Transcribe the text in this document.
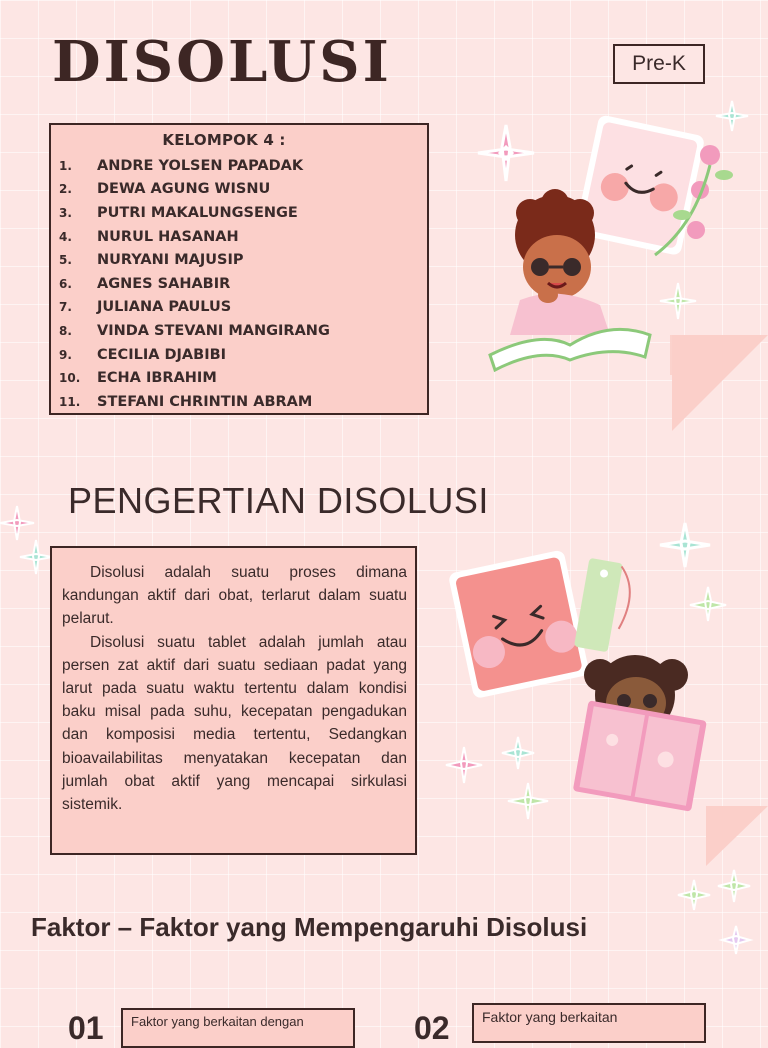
DISOLUSI	Pre-K
KELOMPOK 4 :
1.	ANDRE YOLSEN PAPADAK
2.	DEWA AGUNG WISNU
3.	PUTRI MAKALUNGSENGE
4.	NURUL HASANAH
5.	NURYANI MAJUSIP
6.	AGNES SAHABIR
7.	JULIANA PAULUS
8.	VINDA STEVANI MANGIRANG
9.	CECILIA DJABIBI
10.	ECHA IBRAHIM
11.	STEFANI CHRINTIN ABRAM
PENGERTIAN DISOLUSI

Disolusi adalah suatu proses dimana kandungan aktif dari obat, terlarut dalam suatu pelarut.

Disolusi suatu tablet adalah jumlah atau persen zat aktif dari suatu sediaan padat yang larut pada suatu waktu tertentu dalam kondisi baku misal pada suhu, kecepatan pengadukan dan komposisi media tertentu, Sedangkan bioavailabilitas menyatakan kecepatan dan jumlah obat aktif yang mencapai sirkulasi sistemik.

Faktor – Faktor yang Mempengaruhi Disolusi
01	Faktor yang berkaitan dengan	02	Faktor yang berkaitan
